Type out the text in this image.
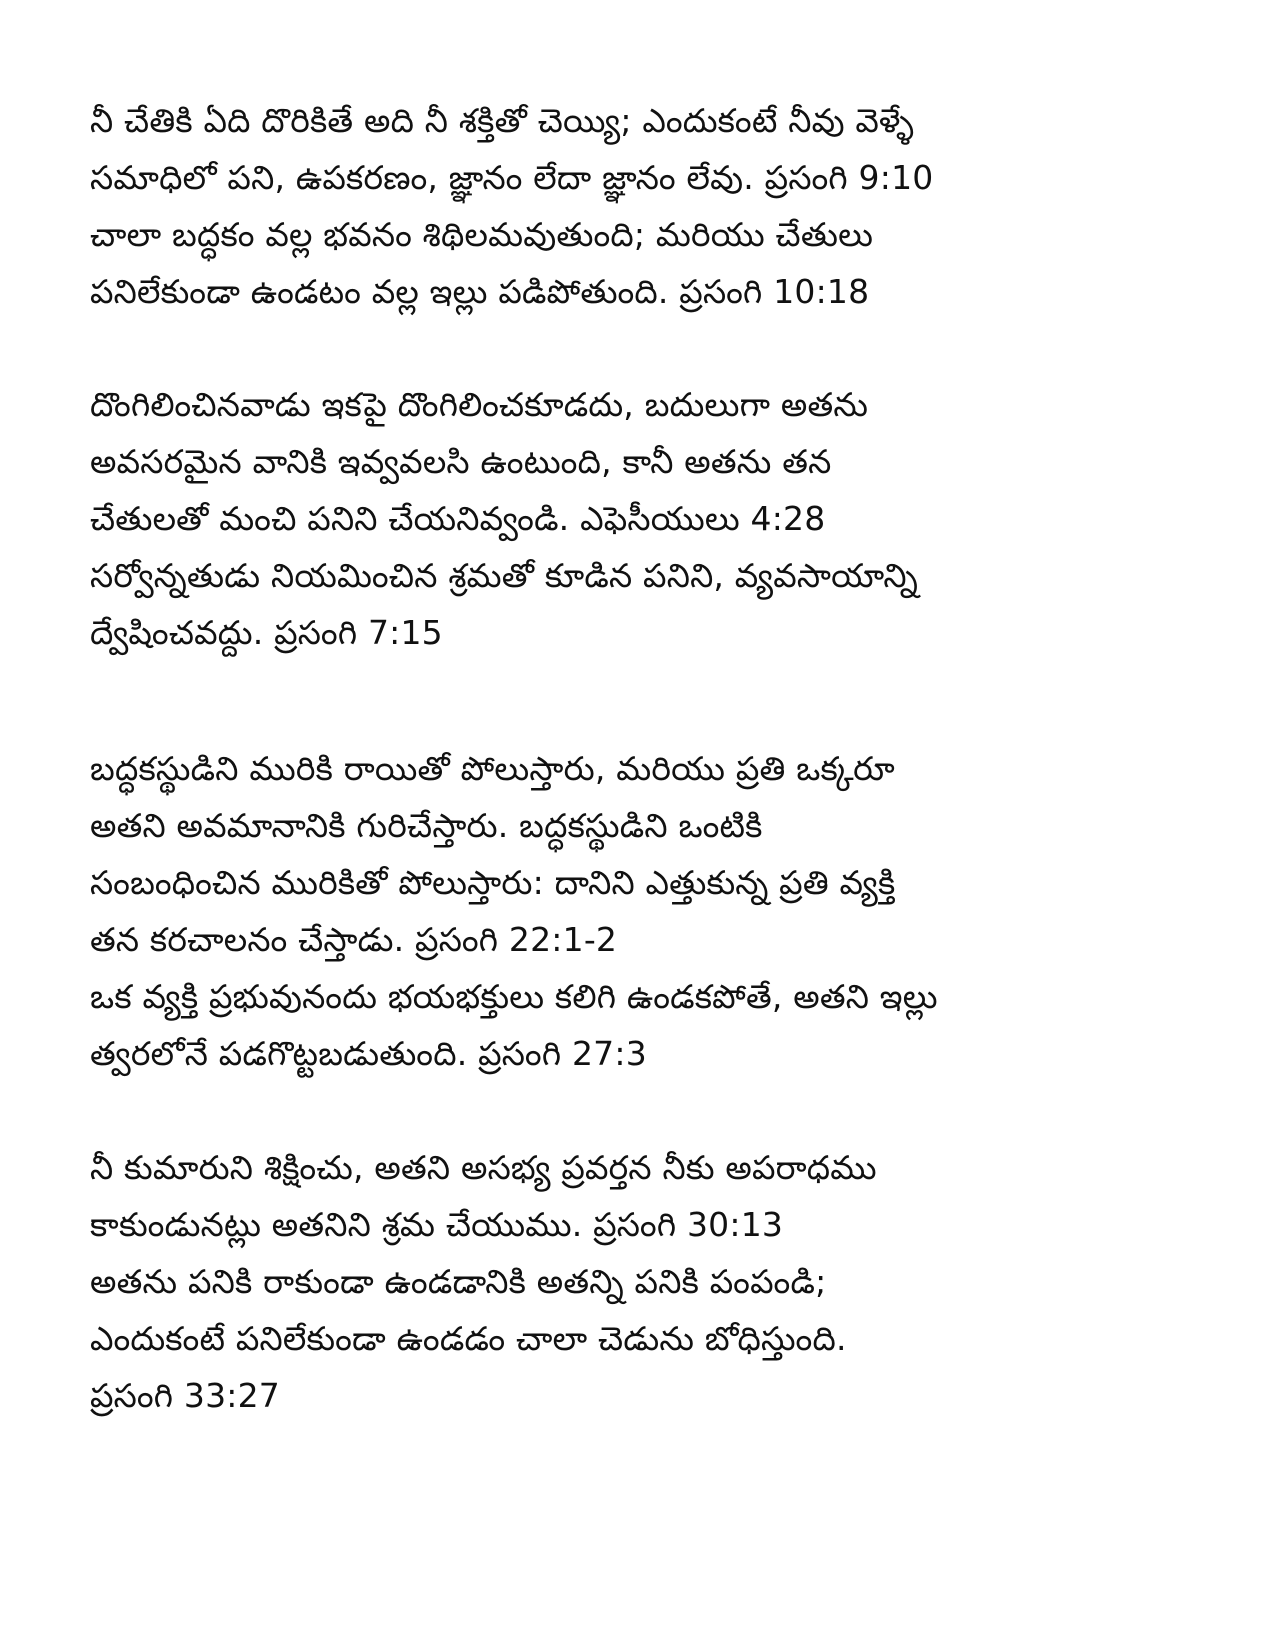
నీ చేతికి ఏది దొరికితే అది నీ శక్తితో చెయ్యి; ఎందుకంటే నీవు వెళ్ళే
సమాధిలో పని, ఉపకరణం, జ్ఞానం లేదా జ్ఞానం లేవు. ప్రసంగి 9:10
చాలా బద్ధకం వల్ల భవనం శిథిలమవుతుంది; మరియు చేతులు
పనిలేకుండా ఉండటం వల్ల ఇల్లు పడిపోతుంది. ప్రసంగి 10:18
దొంగిలించినవాడు ఇకపై దొంగిలించకూడదు, బదులుగా అతను
అవసరమైన వానికి ఇవ్వవలసి ఉంటుంది, కానీ అతను తన
చేతులతో మంచి పనిని చేయనివ్వండి. ఎఫెసీయులు 4:28
సర్వోన్నతుడు నియమించిన శ్రమతో కూడిన పనిని, వ్యవసాయాన్ని
ద్వేషించవద్దు. ప్రసంగి 7:15
బద్ధకస్థుడిని మురికి రాయితో పోలుస్తారు, మరియు ప్రతి ఒక్కరూ
అతని అవమానానికి గురిచేస్తారు. బద్ధకస్థుడిని ఒంటికి
సంబంధించిన మురికితో పోలుస్తారు: దానిని ఎత్తుకున్న ప్రతి వ్యక్తి
తన కరచాలనం చేస్తాడు. ప్రసంగి 22:1-2
ఒక వ్యక్తి ప్రభువునందు భయభక్తులు కలిగి ఉండకపోతే, అతని ఇల్లు
త్వరలోనే పడగొట్టబడుతుంది. ప్రసంగి 27:3
నీ కుమారుని శిక్షించు, అతని అసభ్య ప్రవర్తన నీకు అపరాధము
కాకుండునట్లు అతనిని శ్రమ చేయుము. ప్రసంగి 30:13
అతను పనికి రాకుండా ఉండడానికి అతన్ని పనికి పంపండి;
ఎందుకంటే పనిలేకుండా ఉండడం చాలా చెడును బోధిస్తుంది.
ప్రసంగి 33:27
